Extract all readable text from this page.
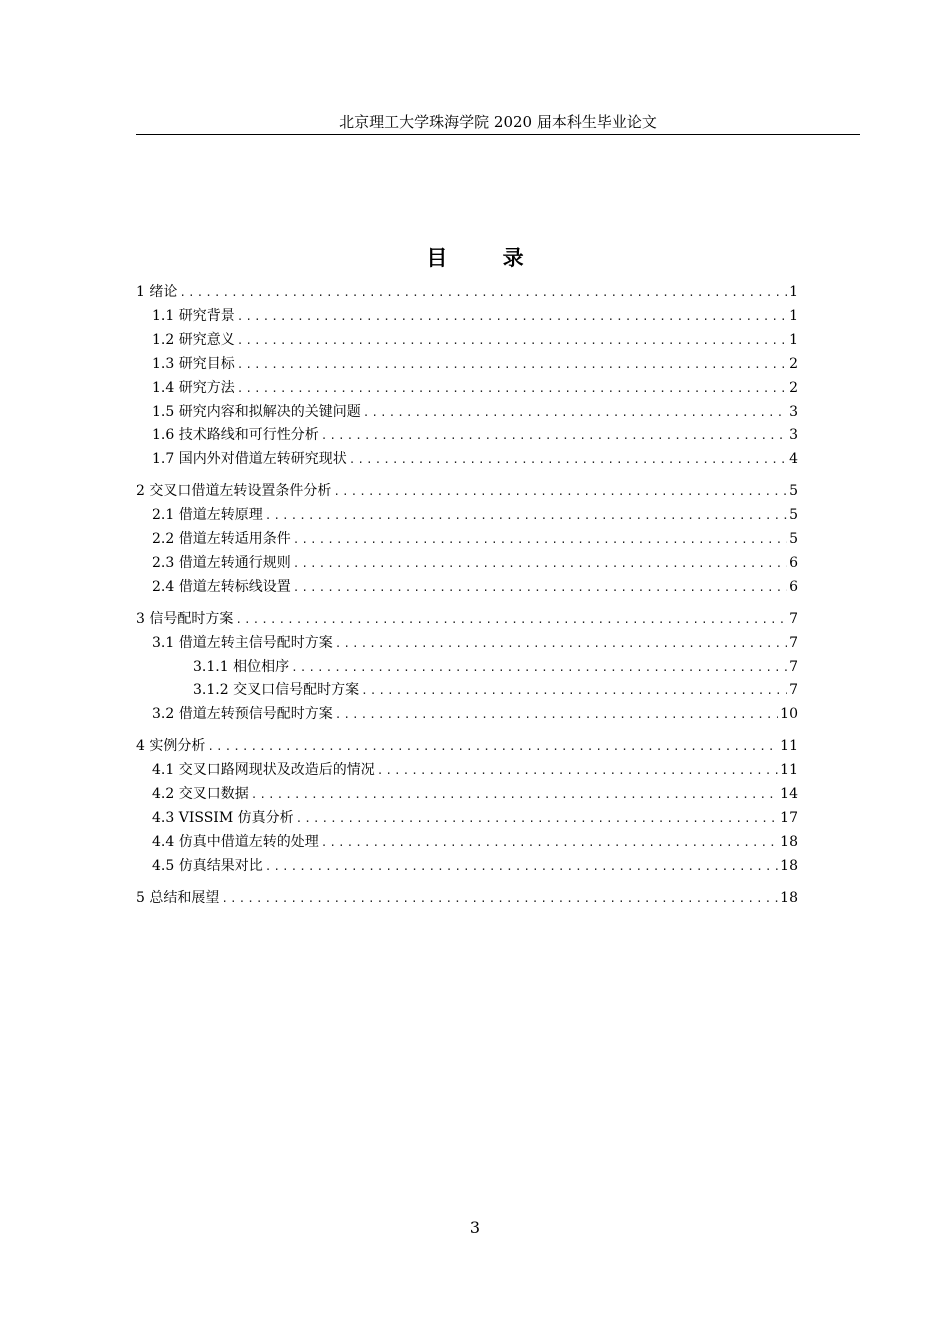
北京理工大学珠海学院 2020 届本科生毕业论文
目 录
1 绪论 .....	1
1.1 研究背景 .....	1
1.2 研究意义 .....	1
1.3 研究目标 .....	2
1.4 研究方法 .....	2
1.5 研究内容和拟解决的关键问题 .....	3
1.6 技术路线和可行性分析 .....	3
1.7 国内外对借道左转研究现状 .....	4
2 交叉口借道左转设置条件分析 .....	5
2.1 借道左转原理 .....	5
2.2 借道左转适用条件 .....	5
2.3 借道左转通行规则 .....	6
2.4 借道左转标线设置 .....	6
3 信号配时方案 .....	7
3.1 借道左转主信号配时方案 .....	7
3.1.1 相位相序 .....	7
3.1.2 交叉口信号配时方案 .....	7
3.2 借道左转预信号配时方案 .....	10
4 实例分析 .....	11
4.1 交叉口路网现状及改造后的情况 .....	11
4.2 交叉口数据 .....	14
4.3 VISSIM 仿真分析 .....	17
4.4 仿真中借道左转的处理 .....	18
4.5 仿真结果对比 .....	18
5 总结和展望 .....	18
3
